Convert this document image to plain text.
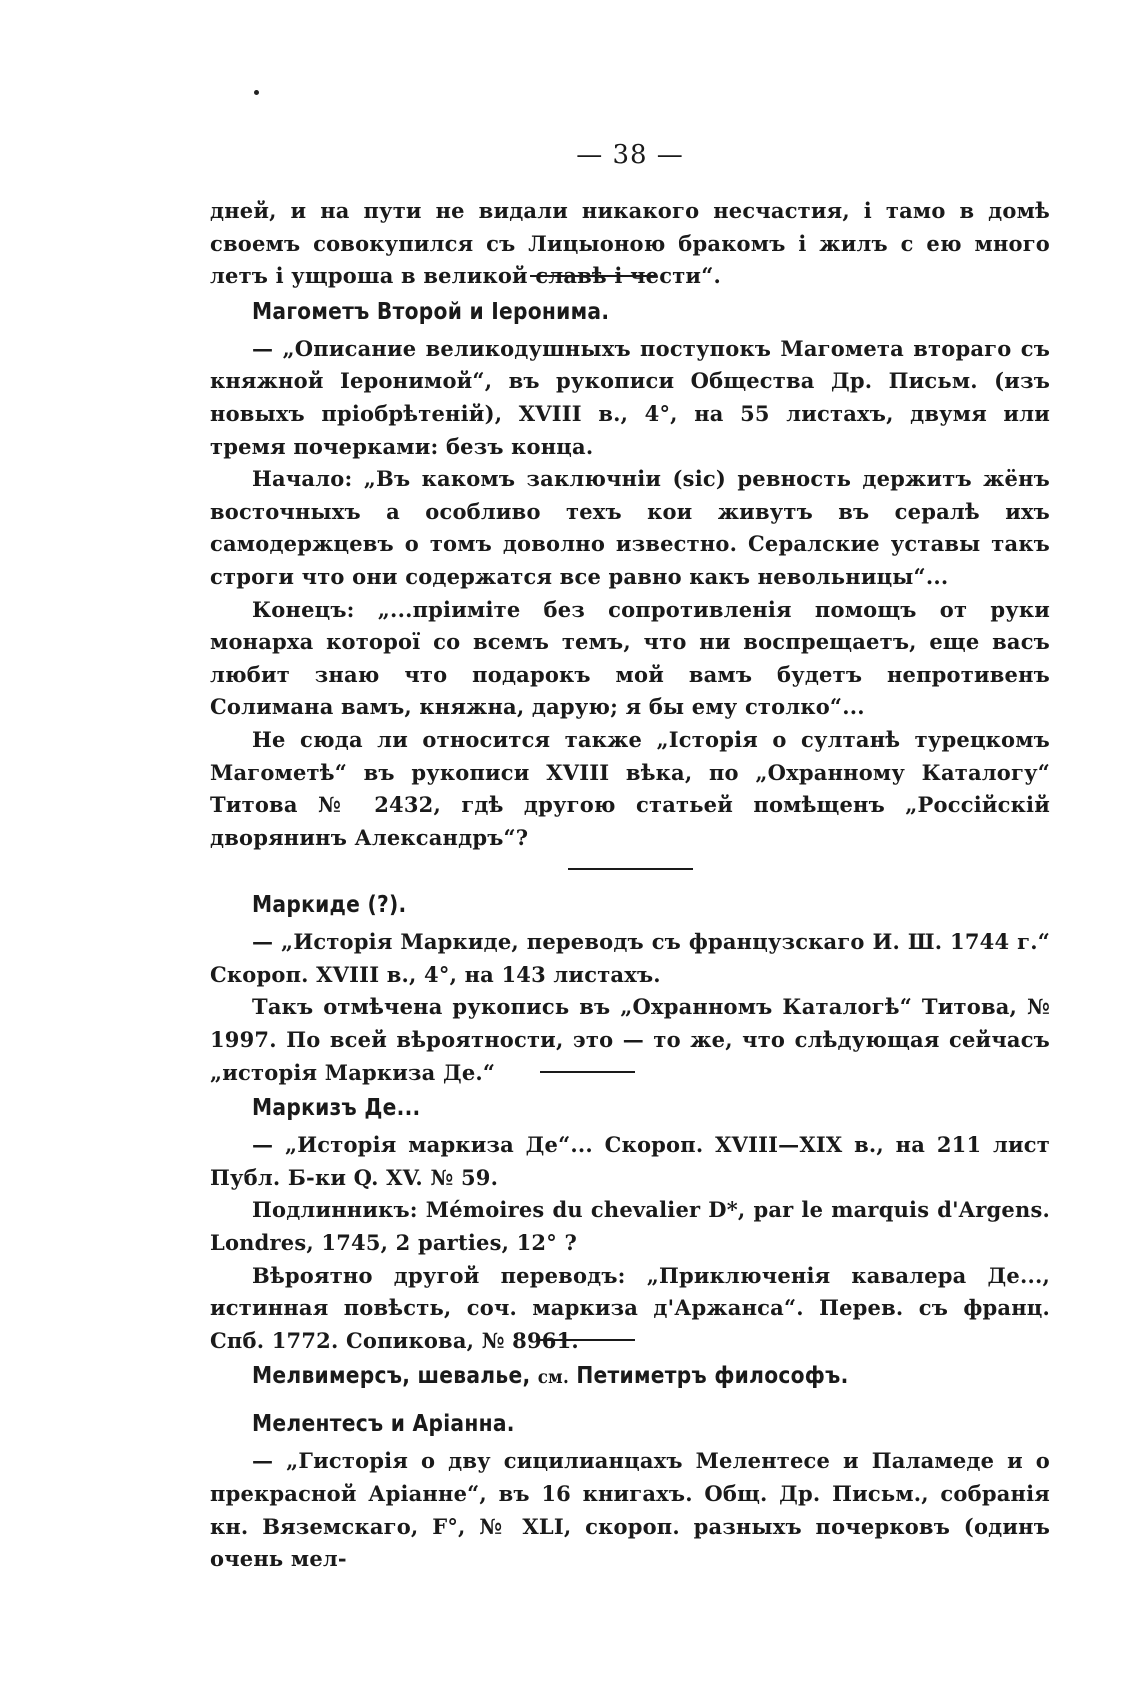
— 38 —

дней, и на пути не видали никакого несчастия, і тамо в домѣ своемъ совокупился съ Лицыоною бракомъ і жилъ с ею много летъ і ущроша в великой славѣ і чести“.

Магометъ Второй и Іеронима.

— „Описание великодушныхъ поступокъ Магомета втораго съ княжной Іеронимой“, въ рукописи Общества Др. Письм. (изъ новыхъ пріобрѣтеній), XVIII в., 4°, на 55 листахъ, двумя или тремя почерками: безъ конца.

Начало: „Въ какомъ заключніи (sic) ревность держитъ жёнъ восточныхъ а особливо техъ кои живутъ въ сералѣ ихъ самодержцевъ о томъ доволно известно. Сералские уставы такъ строги что они содержатся все равно какъ невольницы“...

Конецъ: „...пріиміте без сопротивленія помощъ от руки монарха которої со всемъ темъ, что ни воспрещаетъ, еще васъ любит знаю что подарокъ мой вамъ будетъ непротивенъ Солимана вамъ, княжна, дарую; я бы ему столко“...

Не сюда ли относится также „Історія о султанѣ турецкомъ Магометѣ“ въ рукописи XVIII вѣка, по „Охранному Каталогу“ Титова № 2432, гдѣ другою статьей помѣщенъ „Россійскій дворянинъ Александръ“?

Маркиде (?).

— „Исторія Маркиде, переводъ съ французскаго И. Ш. 1744 г.“ Скороп. XVIII в., 4°, на 143 листахъ.

Такъ отмѣчена рукопись въ „Охранномъ Каталогѣ“ Титова, № 1997. По всей вѣроятности, это — то же, что слѣдующая сейчасъ „исторія Маркиза Де.“

Маркизъ Де...

— „Исторія маркиза Де“... Скороп. XVIII—XIX в., на 211 лист Публ. Б-ки Q. XV. № 59.

Подлинникъ: Mémoires du chevalier D*, par le marquis d'Argens. Londres, 1745, 2 parties, 12° ?

Вѣроятно другой переводъ: „Приключенія кавалера Де..., истинная повѣсть, соч. маркиза д'Аржанса“. Перев. съ франц. Спб. 1772. Сопикова, № 8961.

Мелвимерсъ, шевалье, см. Петиметръ философъ.
Мелентесъ и Аріанна.

— „Гисторія о дву сицилианцахъ Мелентесе и Паламеде и о прекрасной Аріанне“, въ 16 книгахъ. Общ. Др. Письм., собранія кн. Вяземскаго, F°, № XLI, скороп. разныхъ почерковъ (одинъ очень мел-
